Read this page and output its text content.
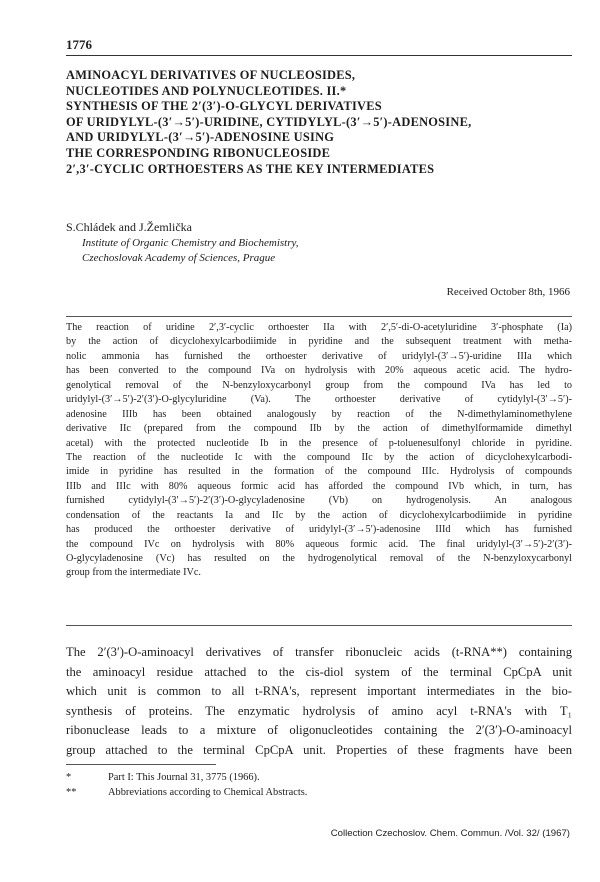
1776
AMINOACYL DERIVATIVES OF NUCLEOSIDES,
NUCLEOTIDES AND POLYNUCLEOTIDES. II.*
SYNTHESIS OF THE 2′(3′)-O-GLYCYL DERIVATIVES
OF URIDYLYL-(3′→5′)-URIDINE, CYTIDYLYL-(3′→5′)-ADENOSINE,
AND URIDYLYL-(3′→5′)-ADENOSINE USING
THE CORRESPONDING RIBONUCLEOSIDE
2′,3′-CYCLIC ORTHOESTERS AS THE KEY INTERMEDIATES
S.Chládek and J.Žemlička
Institute of Organic Chemistry and Biochemistry,
Czechoslovak Academy of Sciences, Prague
Received October 8th, 1966
The reaction of uridine 2′,3′-cyclic orthoester IIa with 2′,5′-di-O-acetyluridine 3′-phosphate (Ia)
by the action of dicyclohexylcarbodiimide in pyridine and the subsequent treatment with metha-
nolic ammonia has furnished the orthoester derivative of uridylyl-(3′→5′)-uridine IIIa which
has been converted to the compound IVa on hydrolysis with 20% aqueous acetic acid. The hydro-
genolytical removal of the N-benzyloxycarbonyl group from the compound IVa has led to
uridylyl-(3′→5′)-2′(3′)-O-glycyluridine (Va). The orthoester derivative of cytidylyl-(3′→5′)-
adenosine IIIb has been obtained analogously by reaction of the N-dimethylaminomethylene
derivative IIc (prepared from the compound IIb by the action of dimethylformamide dimethyl
acetal) with the protected nucleotide Ib in the presence of p-toluenesulfonyl chloride in pyridine.
The reaction of the nucleotide Ic with the compound IIc by the action of dicyclohexylcarbodi-
imide in pyridine has resulted in the formation of the compound IIIc. Hydrolysis of compounds
IIIb and IIIc with 80% aqueous formic acid has afforded the compound IVb which, in turn, has
furnished cytidylyl-(3′→5′)-2′(3′)-O-glycyladenosine (Vb) on hydrogenolysis. An analogous
condensation of the reactants Ia and IIc by the action of dicyclohexylcarbodiimide in pyridine
has produced the orthoester derivative of uridylyl-(3′→5′)-adenosine IIId which has furnished
the compound IVc on hydrolysis with 80% aqueous formic acid. The final uridylyl-(3′→5′)-2′(3′)-
O-glycyladenosine (Vc) has resulted on the hydrogenolytical removal of the N-benzyloxycarbonyl
group from the intermediate IVc.
The 2′(3′)-O-aminoacyl derivatives of transfer ribonucleic acids (t-RNA**) containing
the aminoacyl residue attached to the cis-diol system of the terminal CpCpA unit
which unit is common to all t-RNA's, represent important intermediates in the bio-
synthesis of proteins. The enzymatic hydrolysis of amino acyl t-RNA's with T₁
ribonuclease leads to a mixture of oligonucleotides containing the 2′(3′)-O-aminoacyl
group attached to the terminal CpCpA unit. Properties of these fragments have been
*	Part I: This Journal 31, 3775 (1966).
**	Abbreviations according to Chemical Abstracts.
Collection Czechoslov. Chem. Commun. /Vol. 32/ (1967)
